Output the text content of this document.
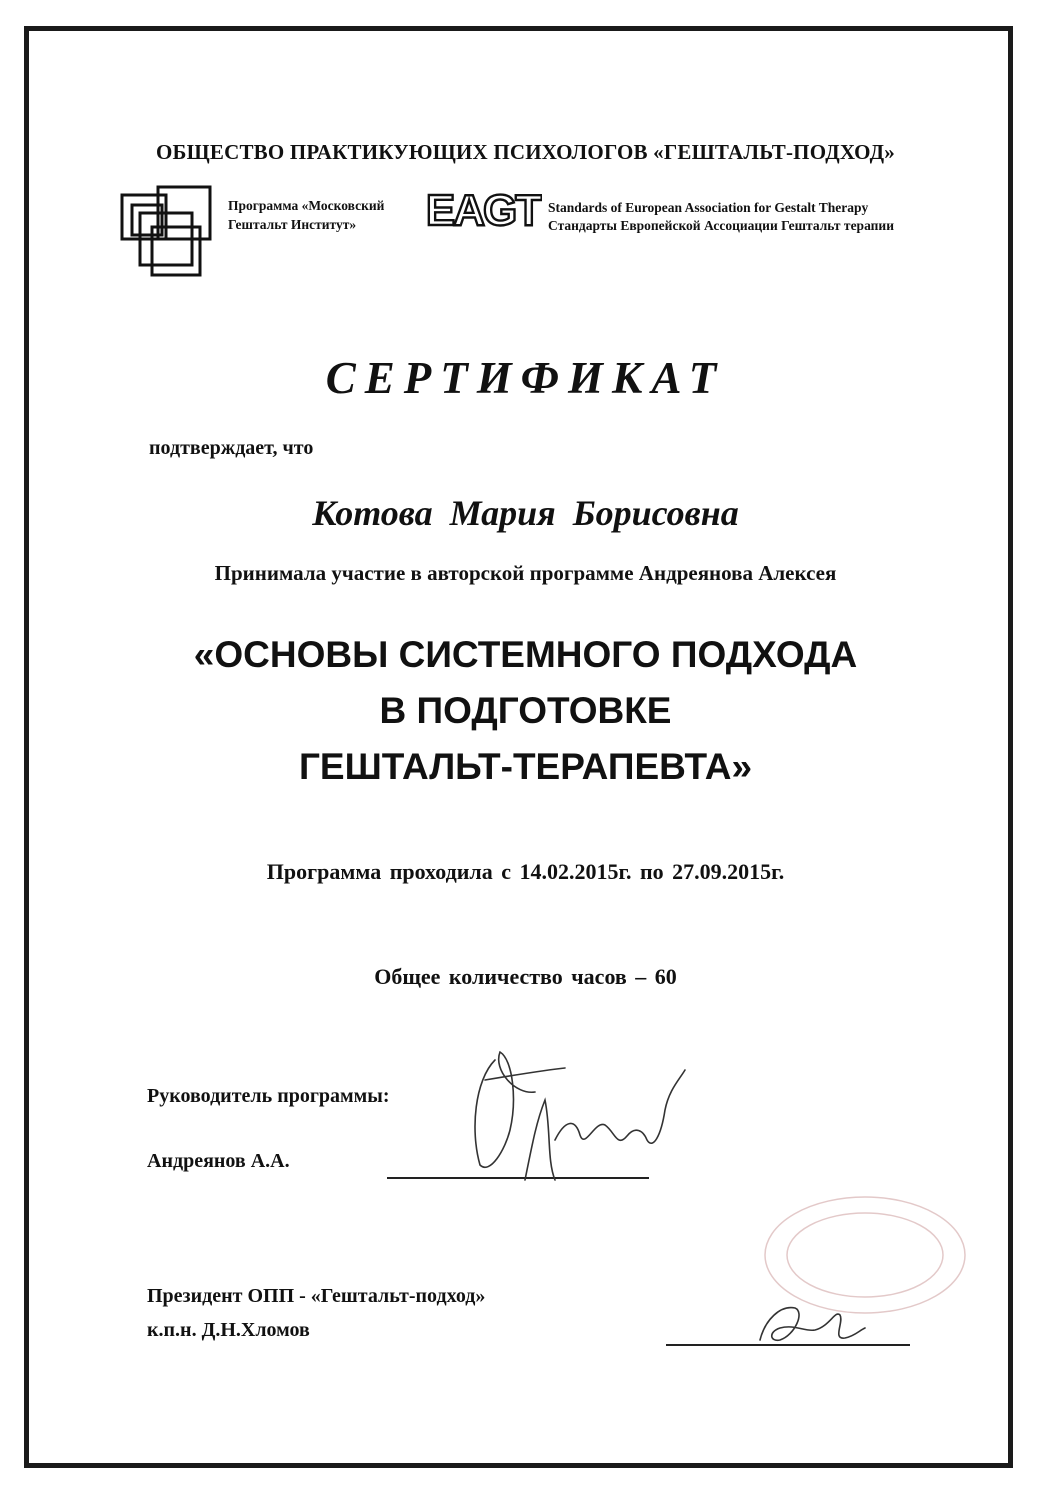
ОБЩЕСТВО ПРАКТИКУЮЩИХ ПСИХОЛОГОВ «ГЕШТАЛЬТ-ПОДХОД»
Программа «Московский
Гештальт Институт»	EAGT Standards of European Association for Gestalt Therapy
Стандарты Европейской Ассоциации Гештальт терапии
СЕРТИФИКАТ
подтверждает, что
Котова Мария Борисовна
Принимала участие в авторской программе Андреянова Алексея
«ОСНОВЫ СИСТЕМНОГО ПОДХОДА
В ПОДГОТОВКЕ
ГЕШТАЛЬТ-ТЕРАПЕВТА»
Программа проходила с 14.02.2015г. по 27.09.2015г.
Общее количество часов – 60
Руководитель программы:
Андреянов А.А.
Президент ОПП - «Гештальт-подход»
к.п.н. Д.Н.Хломов
